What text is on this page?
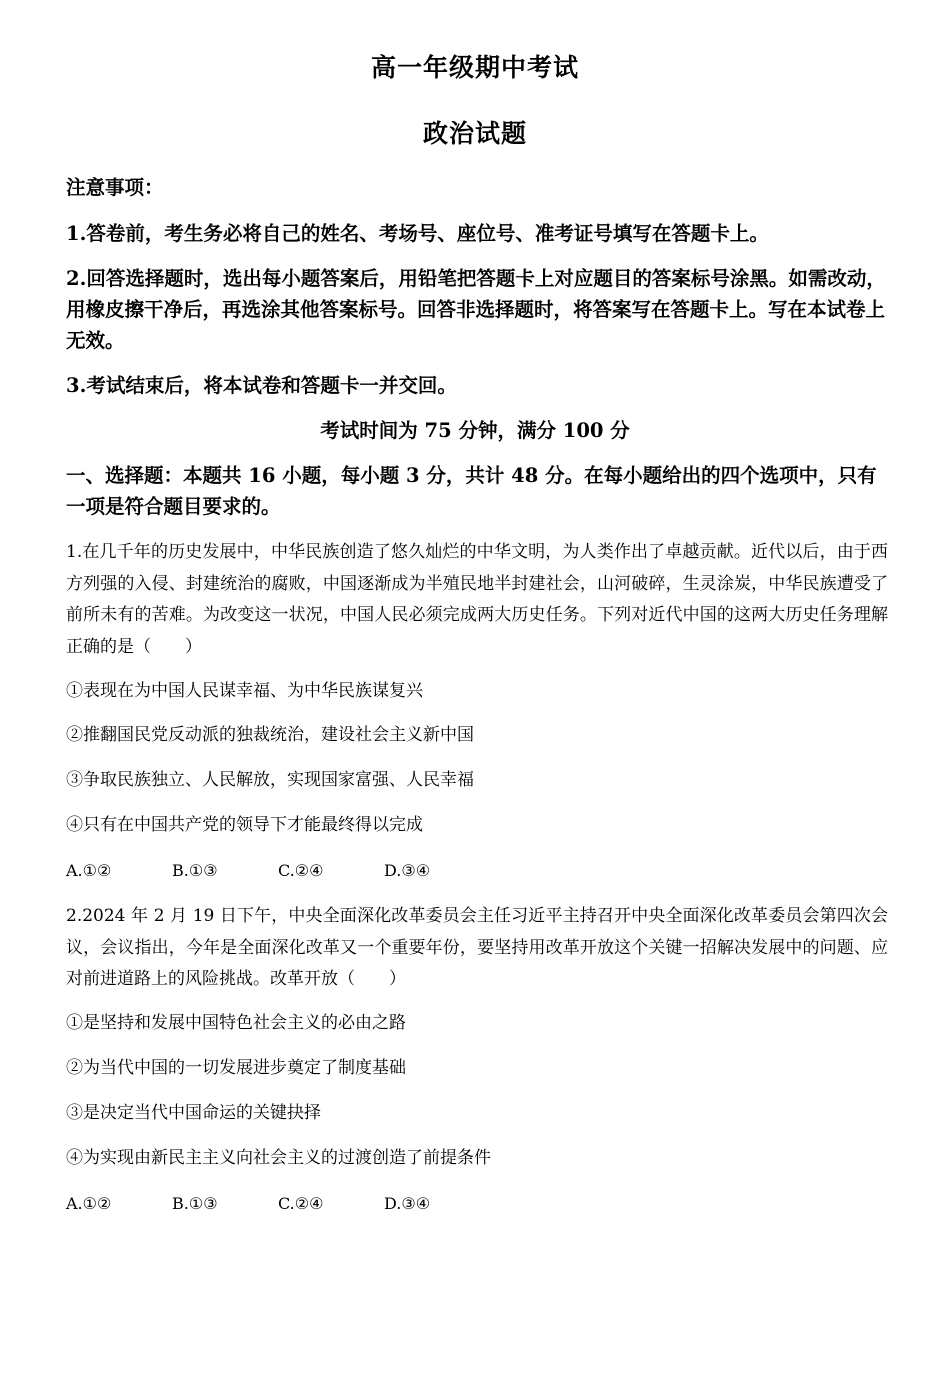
高一年级期中考试
政治试题
注意事项：
1.答卷前，考生务必将自己的姓名、考场号、座位号、准考证号填写在答题卡上。
2.回答选择题时，选出每小题答案后，用铅笔把答题卡上对应题目的答案标号涂黑。如需改动，用橡皮擦干净后，再选涂其他答案标号。回答非选择题时，将答案写在答题卡上。写在本试卷上无效。
3.考试结束后，将本试卷和答题卡一并交回。
考试时间为 75 分钟，满分 100 分
一、选择题：本题共 16 小题，每小题 3 分，共计 48 分。在每小题给出的四个选项中，只有一项是符合题目要求的。
1.在几千年的历史发展中，中华民族创造了悠久灿烂的中华文明，为人类作出了卓越贡献。近代以后，由于西方列强的入侵、封建统治的腐败，中国逐渐成为半殖民地半封建社会，山河破碎，生灵涂炭，中华民族遭受了前所未有的苦难。为改变这一状况，中国人民必须完成两大历史任务。下列对近代中国的这两大历史任务理解正确的是（　　）
①表现在为中国人民谋幸福、为中华民族谋复兴
②推翻国民党反动派的独裁统治，建设社会主义新中国
③争取民族独立、人民解放，实现国家富强、人民幸福
④只有在中国共产党的领导下才能最终得以完成
A.①②	B.①③	C.②④	D.③④
2.2024 年 2 月 19 日下午，中央全面深化改革委员会主任习近平主持召开中央全面深化改革委员会第四次会议，会议指出，今年是全面深化改革又一个重要年份，要坚持用改革开放这个关键一招解决发展中的问题、应对前进道路上的风险挑战。改革开放（　　）
①是坚持和发展中国特色社会主义的必由之路
②为当代中国的一切发展进步奠定了制度基础
③是决定当代中国命运的关键抉择
④为实现由新民主主义向社会主义的过渡创造了前提条件
A.①②	B.①③	C.②④	D.③④
